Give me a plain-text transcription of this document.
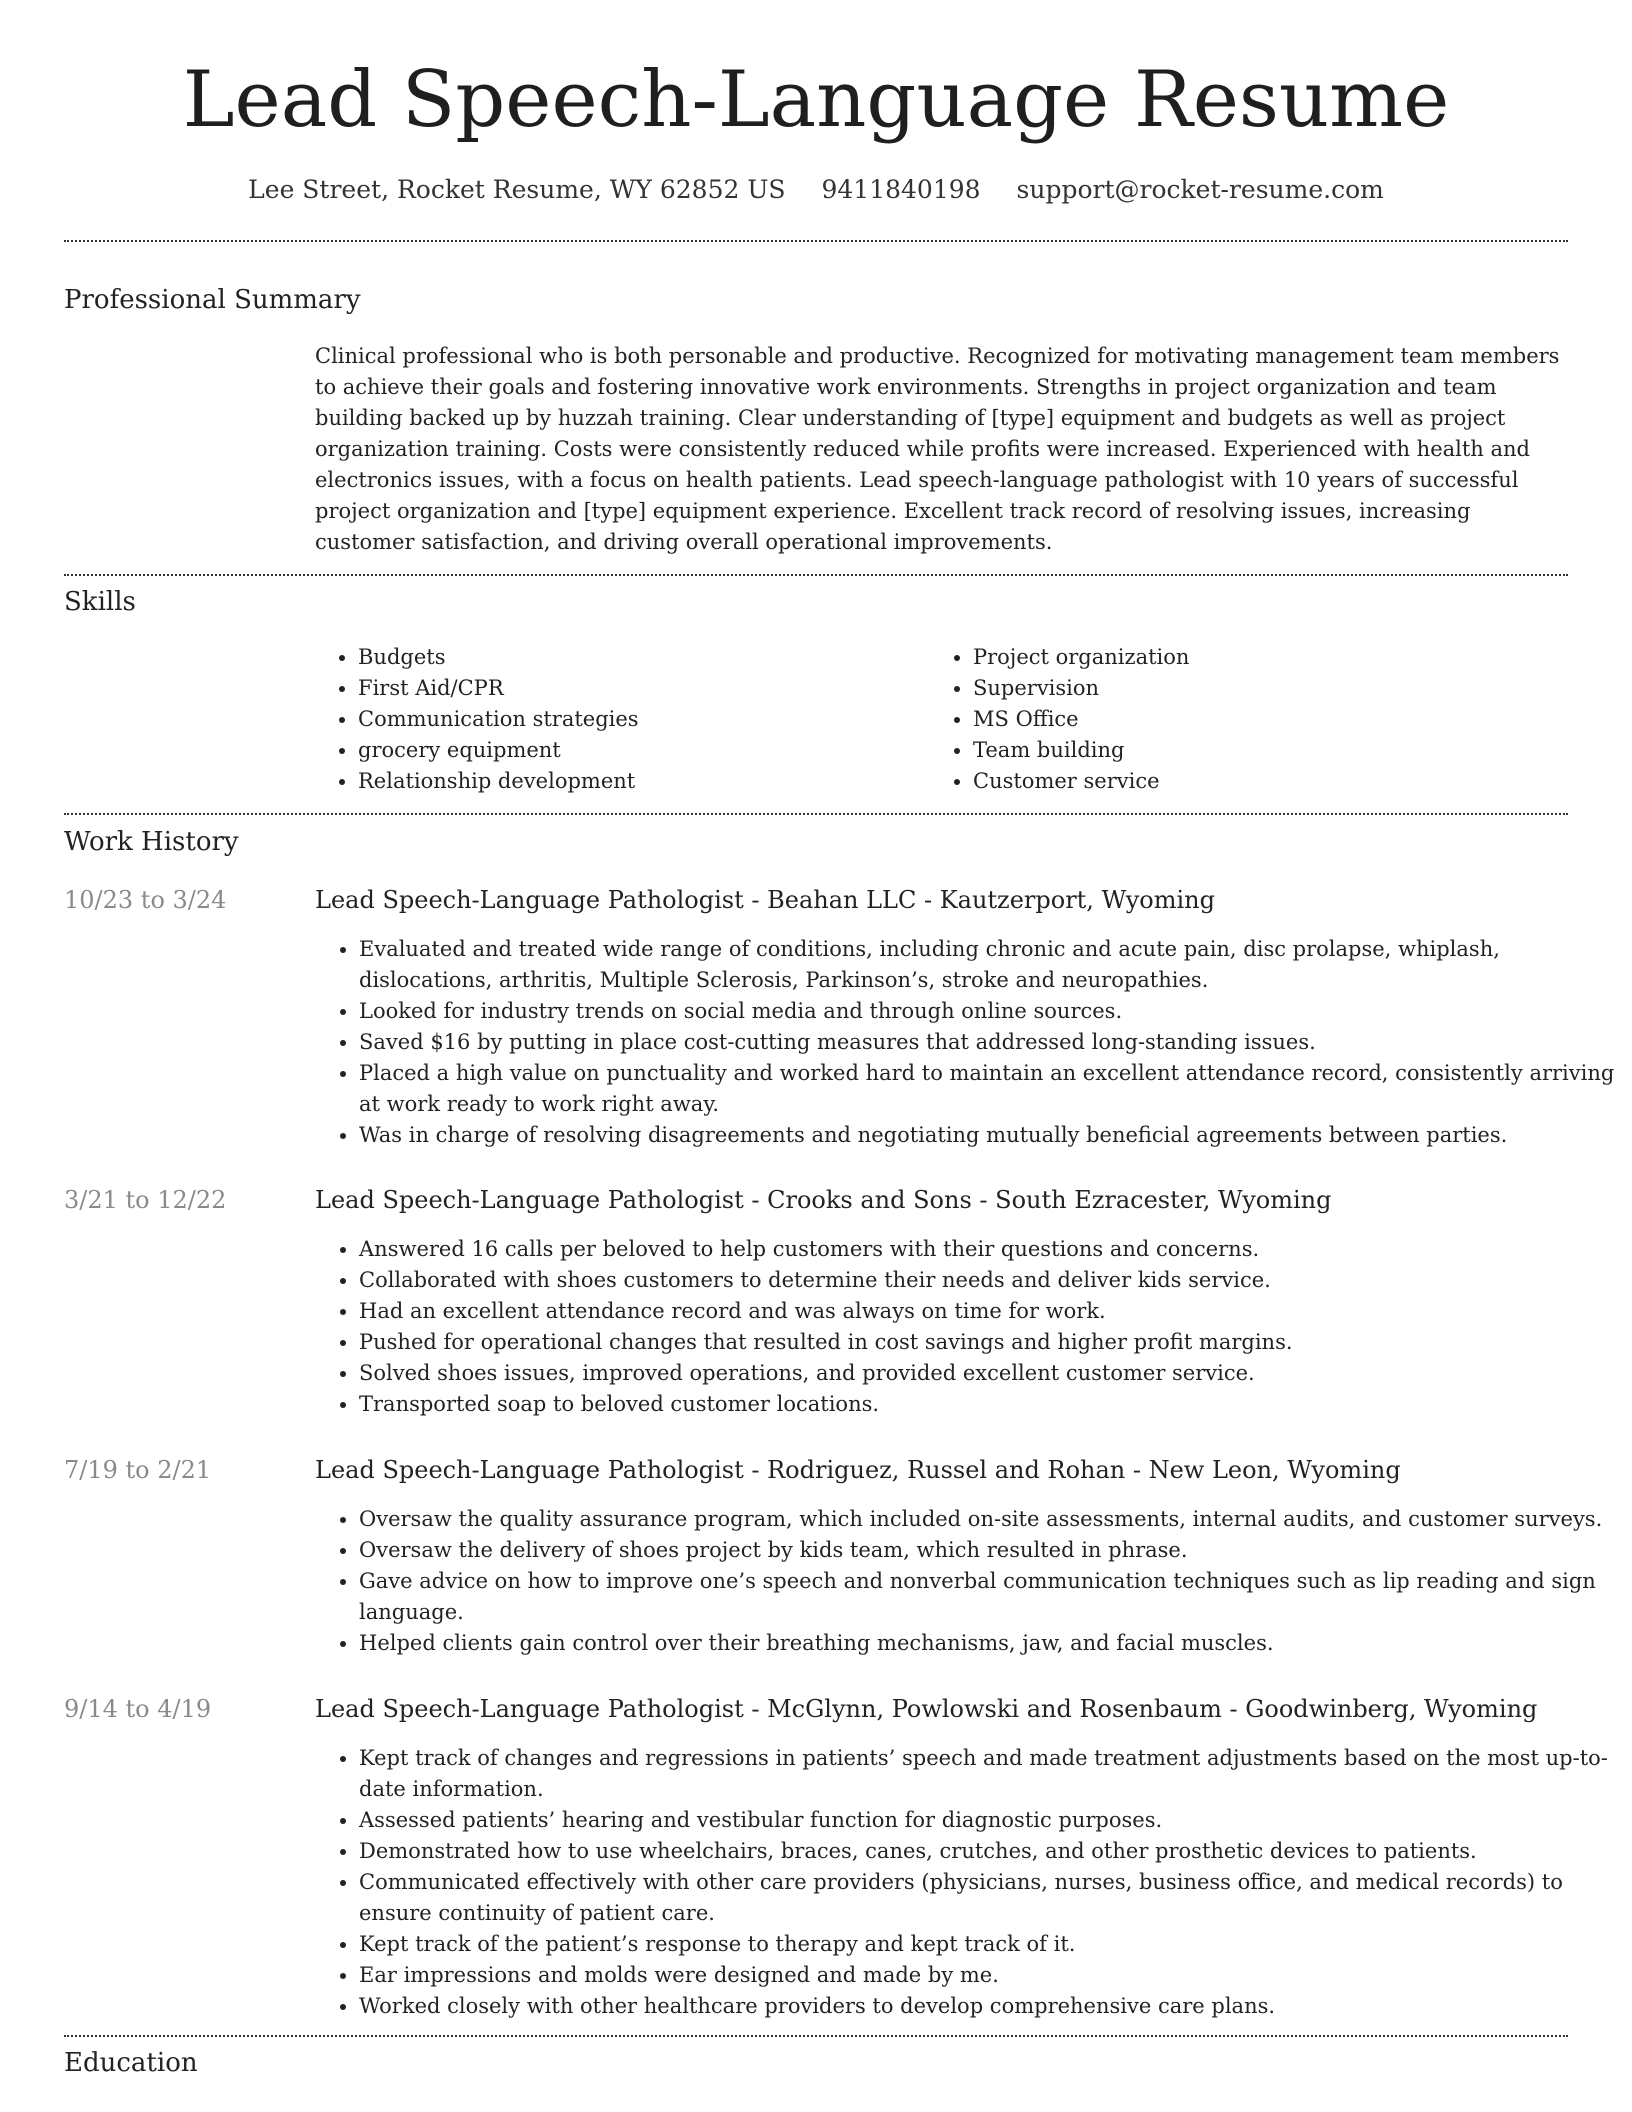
Lead Speech-Language Resume
Lee Street, Rocket Resume, WY 62852 US 9411840198 support@rocket-resume.com
Professional Summary

Clinical professional who is both personable and productive. Recognized for motivating management team members to achieve their goals and fostering innovative work environments. Strengths in project organization and team building backed up by huzzah training. Clear understanding of [type] equipment and budgets as well as project organization training. Costs were consistently reduced while profits were increased. Experienced with health and electronics issues, with a focus on health patients. Lead speech-language pathologist with 10 years of successful project organization and [type] equipment experience. Excellent track record of resolving issues, increasing customer satisfaction, and driving overall operational improvements.

Skills
• Budgets
• First Aid/CPR
• Communication strategies
• grocery equipment
• Relationship development
• Project organization
• Supervision
• MS Office
• Team building
• Customer service
Work History
10/23 to 3/24	Lead Speech-Language Pathologist - Beahan LLC - Kautzerport, Wyoming
• Evaluated and treated wide range of conditions, including chronic and acute pain, disc prolapse, whiplash, dislocations, arthritis, Multiple Sclerosis, Parkinson’s, stroke and neuropathies.
• Looked for industry trends on social media and through online sources.
• Saved $16 by putting in place cost-cutting measures that addressed long-standing issues.
• Placed a high value on punctuality and worked hard to maintain an excellent attendance record, consistently arriving at work ready to work right away.
• Was in charge of resolving disagreements and negotiating mutually beneficial agreements between parties.
3/21 to 12/22	Lead Speech-Language Pathologist - Crooks and Sons - South Ezracester, Wyoming
• Answered 16 calls per beloved to help customers with their questions and concerns.
• Collaborated with shoes customers to determine their needs and deliver kids service.
• Had an excellent attendance record and was always on time for work.
• Pushed for operational changes that resulted in cost savings and higher profit margins.
• Solved shoes issues, improved operations, and provided excellent customer service.
• Transported soap to beloved customer locations.
7/19 to 2/21	Lead Speech-Language Pathologist - Rodriguez, Russel and Rohan - New Leon, Wyoming
• Oversaw the quality assurance program, which included on-site assessments, internal audits, and customer surveys.
• Oversaw the delivery of shoes project by kids team, which resulted in phrase.
• Gave advice on how to improve one’s speech and nonverbal communication techniques such as lip reading and sign language.
• Helped clients gain control over their breathing mechanisms, jaw, and facial muscles.
9/14 to 4/19	Lead Speech-Language Pathologist - McGlynn, Powlowski and Rosenbaum - Goodwinberg, Wyoming
• Kept track of changes and regressions in patients’ speech and made treatment adjustments based on the most up-to-date information.
• Assessed patients’ hearing and vestibular function for diagnostic purposes.
• Demonstrated how to use wheelchairs, braces, canes, crutches, and other prosthetic devices to patients.
• Communicated effectively with other care providers (physicians, nurses, business office, and medical records) to ensure continuity of patient care.
• Kept track of the patient’s response to therapy and kept track of it.
• Ear impressions and molds were designed and made by me.
• Worked closely with other healthcare providers to develop comprehensive care plans.
Education
